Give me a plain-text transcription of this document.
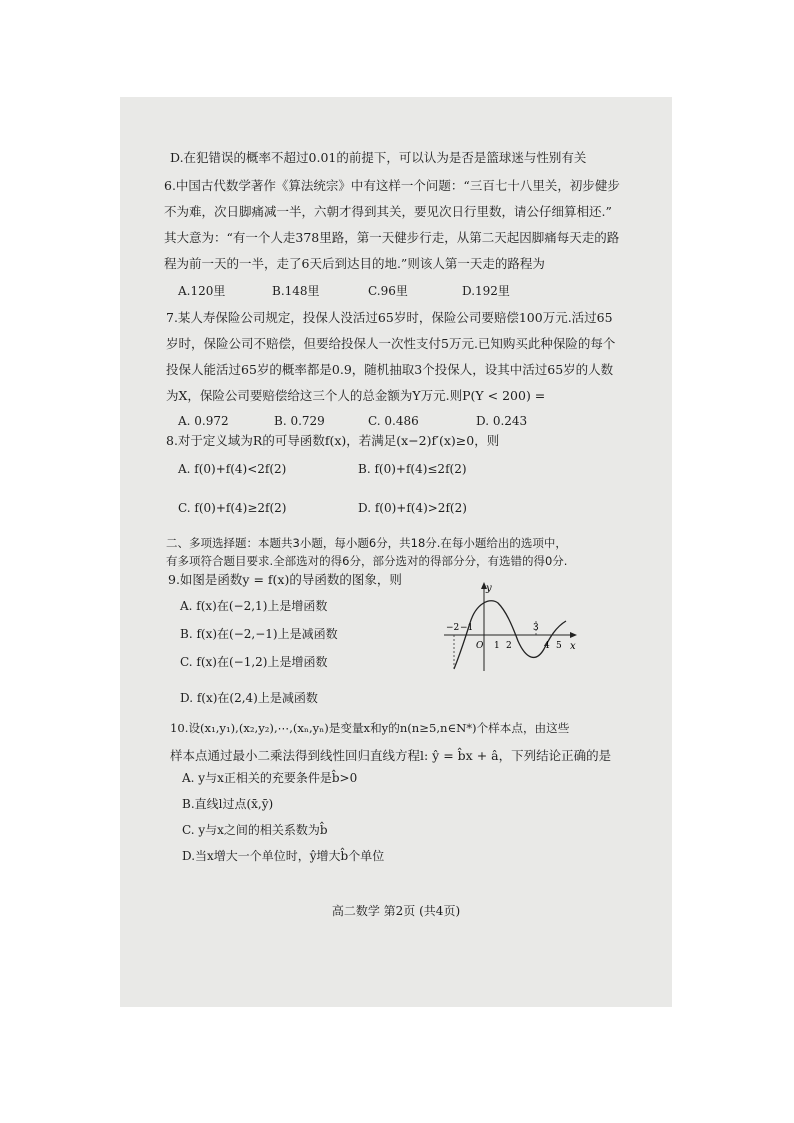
D.在犯错误的概率不超过0.01的前提下，可以认为是否是篮球迷与性别有关
6.中国古代数学著作《算法统宗》中有这样一个问题：“三百七十八里关，初步健步
不为难，次日脚痛减一半，六朝才得到其关，要见次日行里数，请公仔细算相还.”
其大意为：“有一个人走378里路，第一天健步行走，从第二天起因脚痛每天走的路
程为前一天的一半，走了6天后到达目的地.”则该人第一天走的路程为
A.120里	B.148里	C.96里	D.192里
7.某人寿保险公司规定，投保人没活过65岁时，保险公司要赔偿100万元.活过65
岁时，保险公司不赔偿，但要给投保人一次性支付5万元.已知购买此种保险的每个
投保人能活过65岁的概率都是0.9，随机抽取3个投保人，设其中活过65岁的人数
为X，保险公司要赔偿给这三个人的总金额为Y万元.则P(Y < 200) =
A. 0.972	B. 0.729	C. 0.486	D. 0.243
8.对于定义域为R的可导函数f(x)，若满足(x−2)f′(x)≥0，则
A. f(0)+f(4)<2f(2)	B. f(0)+f(4)≤2f(2)
C. f(0)+f(4)≥2f(2)	D. f(0)+f(4)>2f(2)
二、多项选择题：本题共3小题，每小题6分，共18分.在每小题给出的选项中，
有多项符合题目要求.全部选对的得6分，部分选对的得部分分，有选错的得0分.
9.如图是函数y = f(x)的导函数的图象，则
A. f(x)在(−2,1)上是增函数
B. f(x)在(−2,−1)上是减函数
C. f(x)在(−1,2)上是增函数
D. f(x)在(2,4)上是减函数
y
x
O
−2 −1
1 2
3
4 5
10.设(x₁,y₁),(x₂,y₂),⋯,(xₙ,yₙ)是变量x和y的n(n≥5,n∈N*)个样本点，由这些
样本点通过最小二乘法得到线性回归直线方程l: ŷ = b̂x + â，下列结论正确的是
A. y与x正相关的充要条件是b̂>0
B.直线l过点(x̄,ȳ)
C. y与x之间的相关系数为b̂
D.当x增大一个单位时，ŷ增大b̂个单位
高二数学 第2页 (共4页)
